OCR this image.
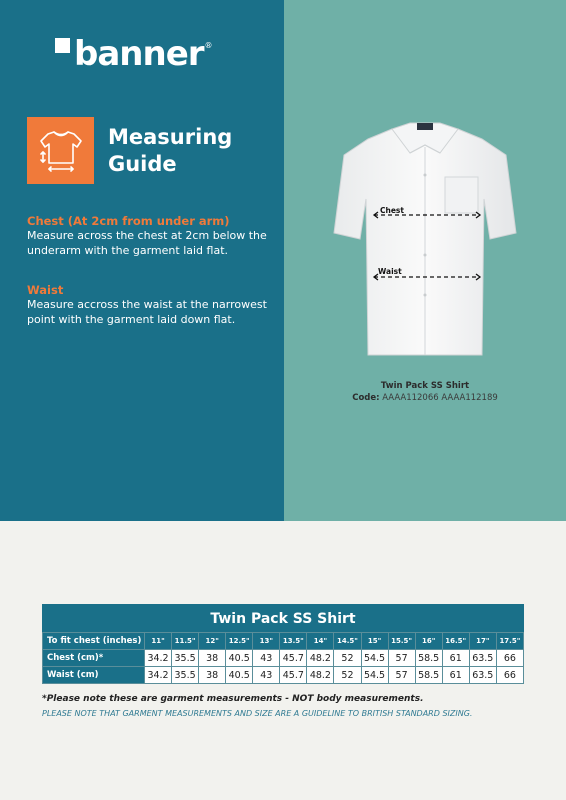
banner ®
Measuring
Guide
Chest (At 2cm from under arm)
Measure across the chest at 2cm below the underarm with the garment laid flat.
Waist
Measure accross the waist at the narrowest point with the garment laid down flat.
Chest
Waist
Twin Pack SS Shirt
Code: AAAA112066 AAAA112189
Twin Pack SS Shirt
To fit chest (inches)	11"	11.5"	12"	12.5"	13"	13.5"	14"	14.5"	15"	15.5"	16"	16.5"	17"	17.5"
Chest (cm)*	34.2	35.5	38	40.5	43	45.7	48.2	52	54.5	57	58.5	61	63.5	66
Waist (cm)	34.2	35.5	38	40.5	43	45.7	48.2	52	54.5	57	58.5	61	63.5	66
*Please note these are garment measurements - NOT body measurements.
PLEASE NOTE THAT GARMENT MEASUREMENTS AND SIZE ARE A GUIDELINE TO BRITISH STANDARD SIZING.
